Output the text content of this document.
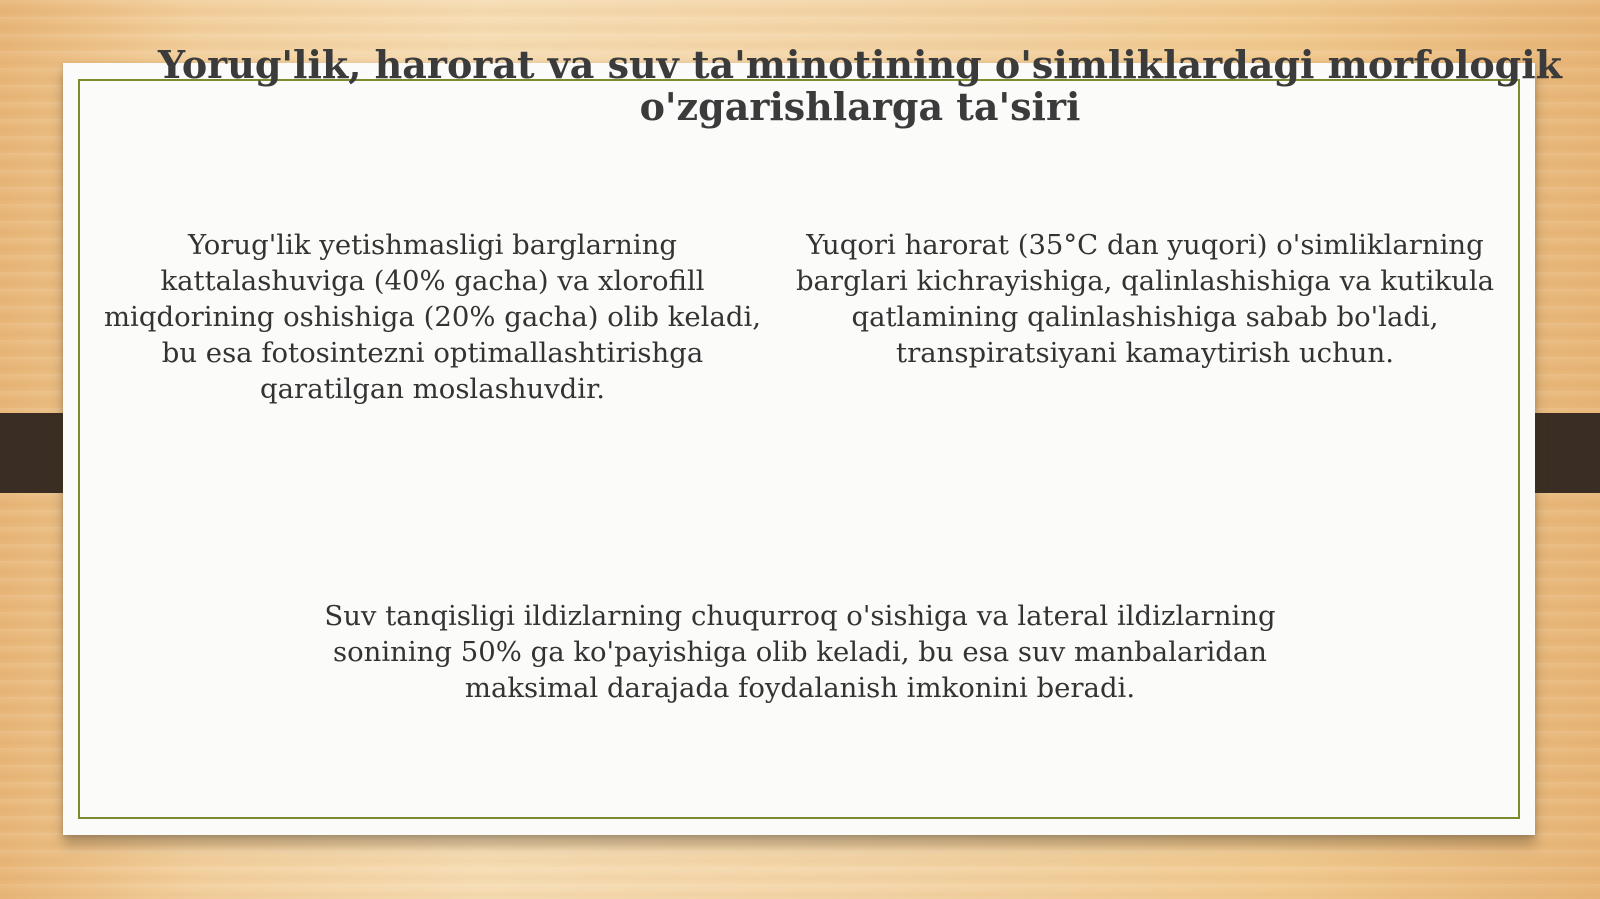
Yorug'lik, harorat va suv ta'minotining o'simliklardagi morfologik o'zgarishlarga ta'siri

Yorug'lik yetishmasligi barglarning kattalashuviga (40% gacha) va xlorofill miqdorining oshishiga (20% gacha) olib keladi, bu esa fotosintezni optimallashtirishga qaratilgan moslashuvdir.

Yuqori harorat (35°C dan yuqori) o'simliklarning barglari kichrayishiga, qalinlashishiga va kutikula qatlamining qalinlashishiga sabab bo'ladi, transpiratsiyani kamaytirish uchun.

Suv tanqisligi ildizlarning chuqurroq o'sishiga va lateral ildizlarning sonining 50% ga ko'payishiga olib keladi, bu esa suv manbalaridan maksimal darajada foydalanish imkonini beradi.
